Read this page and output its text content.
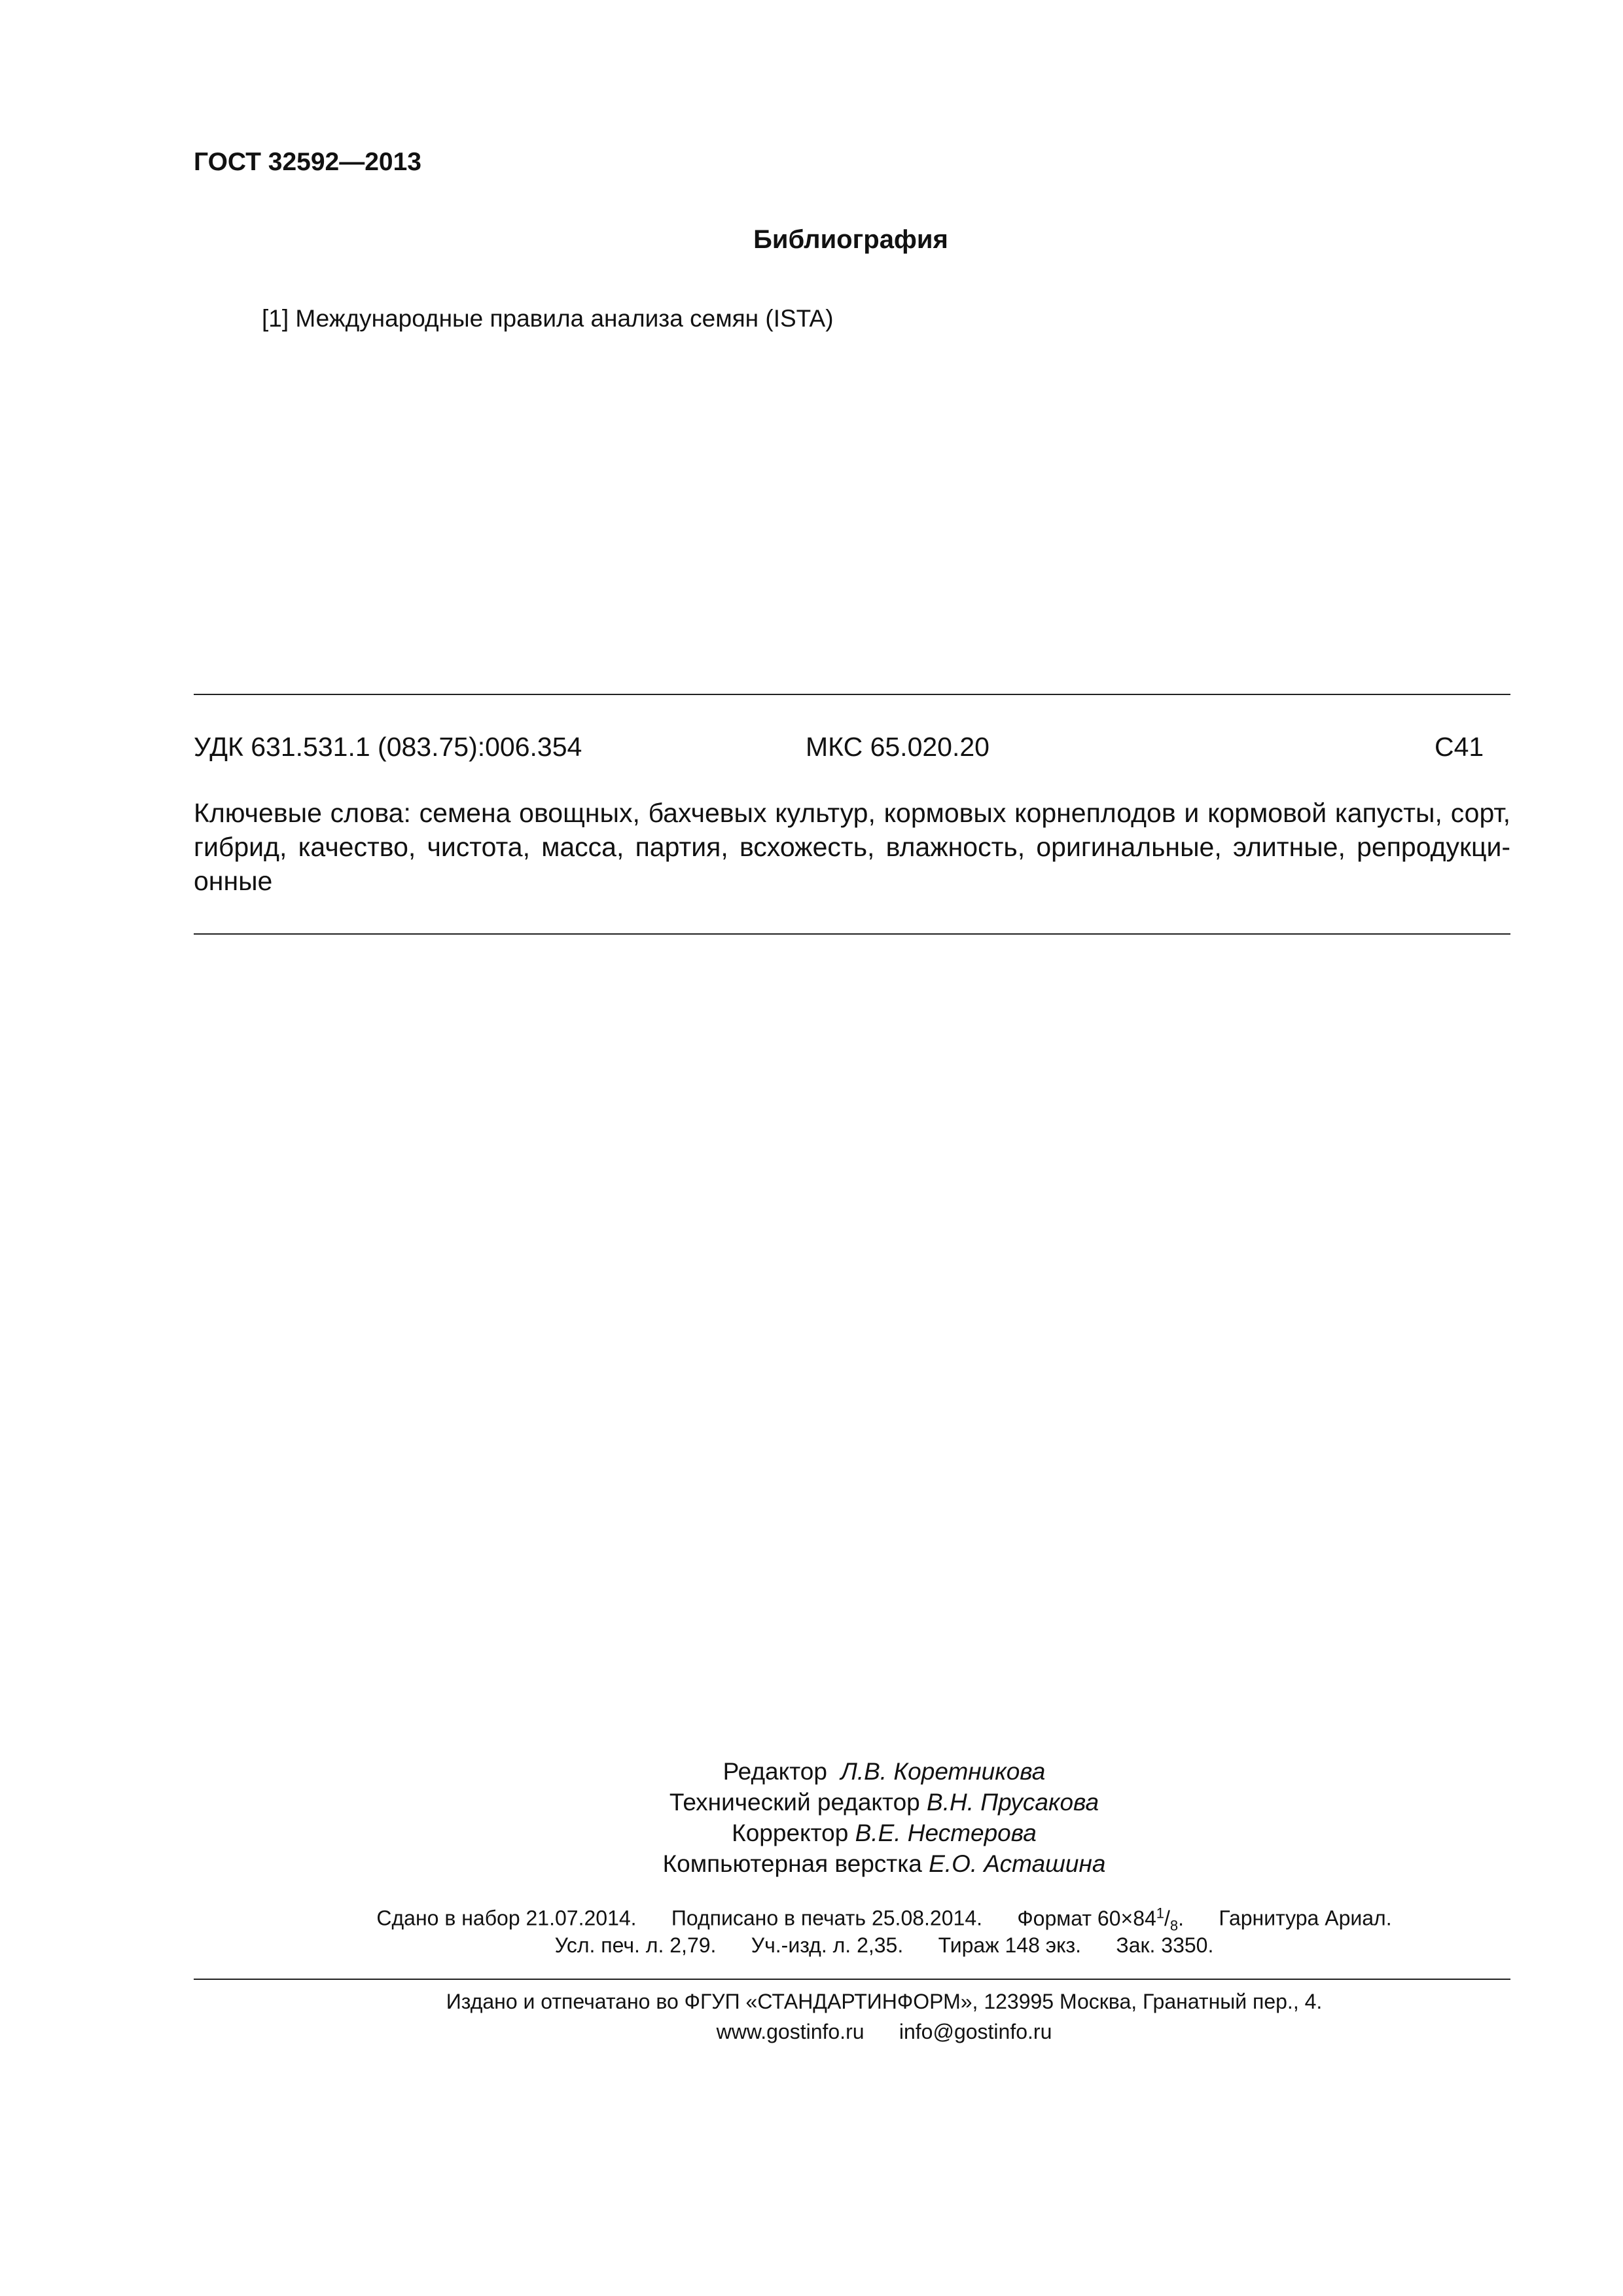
ГОСТ 32592—2013
Библиография
[1] Международные правила анализа семян (ISTA)
УДК 631.531.1 (083.75):006.354	МКС 65.020.20	С41
Ключевые слова: семена овощных, бахчевых культур, кормовых корнеплодов и кормовой капусты, сорт, гибрид, качество, чистота, масса, партия, всхожесть, влажность, оригинальные, элитные, репродукци-онные
Редактор Л.В. Коретникова
Технический редактор В.Н. Прусакова
Корректор В.Е. Нестерова
Компьютерная верстка Е.О. Асташина
Сдано в набор 21.07.2014. Подписано в печать 25.08.2014. Формат $60\times 84^1/_8$. Гарнитура Ариал.
Усл. печ. л. 2,79. Уч.-изд. л. 2,35. Тираж 148 экз. Зак. 3350.
Издано и отпечатано во ФГУП «СТАНДАРТИНФОРМ», 123995 Москва, Гранатный пер., 4.
www.gostinfo.ru info@gostinfo.ru
